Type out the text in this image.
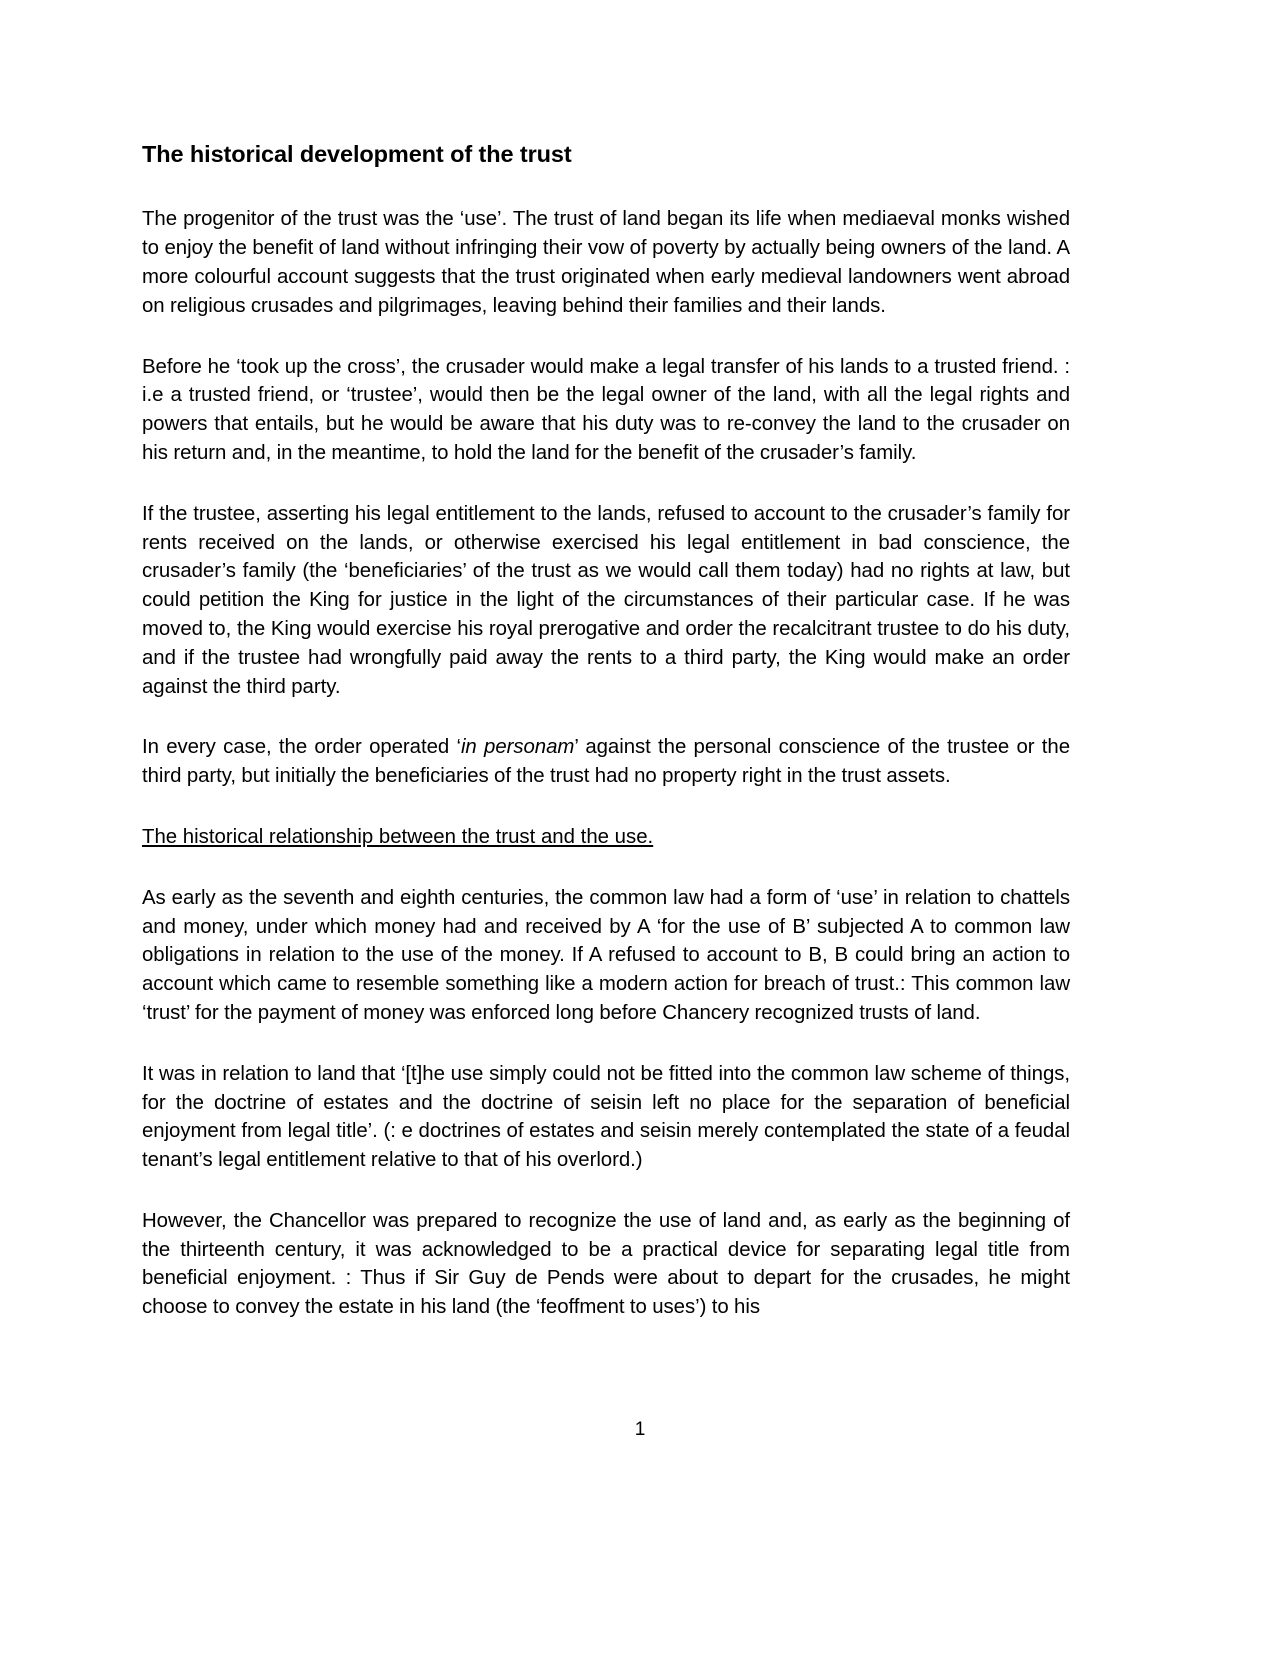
The historical development of the trust

The progenitor of the trust was the ‘use’. The trust of land began its life when mediaeval monks wished to enjoy the benefit of land without infringing their vow of poverty by actually being owners of the land. A more colourful account suggests that the trust originated when early medieval landowners went abroad on religious crusades and pilgrimages, leaving behind their families and their lands.

Before he ‘took up the cross’, the crusader would make a legal transfer of his lands to a trusted friend. : i.e a trusted friend, or ‘trustee’, would then be the legal owner of the land, with all the legal rights and powers that entails, but he would be aware that his duty was to re-convey the land to the crusader on his return and, in the meantime, to hold the land for the benefit of the crusader’s family.

If the trustee, asserting his legal entitlement to the lands, refused to account to the crusader’s family for rents received on the lands, or otherwise exercised his legal entitlement in bad conscience, the crusader’s family (the ‘beneficiaries’ of the trust as we would call them today) had no rights at law, but could petition the King for justice in the light of the circumstances of their particular case. If he was moved to, the King would exercise his royal prerogative and order the recalcitrant trustee to do his duty, and if the trustee had wrongfully paid away the rents to a third party, the King would make an order against the third party.

In every case, the order operated ‘in personam’ against the personal conscience of the trustee or the third party, but initially the beneficiaries of the trust had no property right in the trust assets.

The historical relationship between the trust and the use.

As early as the seventh and eighth centuries, the common law had a form of ‘use’ in relation to chattels and money, under which money had and received by A ‘for the use of B’ subjected A to common law obligations in relation to the use of the money. If A refused to account to B, B could bring an action to account which came to resemble something like a modern action for breach of trust.: This common law ‘trust’ for the payment of money was enforced long before Chancery recognized trusts of land.

It was in relation to land that ‘[t]he use simply could not be fitted into the common law scheme of things, for the doctrine of estates and the doctrine of seisin left no place for the separation of beneficial enjoyment from legal title’. (: e doctrines of estates and seisin merely contemplated the state of a feudal tenant’s legal entitlement relative to that of his overlord.)

However, the Chancellor was prepared to recognize the use of land and, as early as the beginning of the thirteenth century, it was acknowledged to be a practical device for separating legal title from beneficial enjoyment. : Thus if Sir Guy de Pends were about to depart for the crusades, he might choose to convey the estate in his land (the ‘feoffment to uses’) to his

1
